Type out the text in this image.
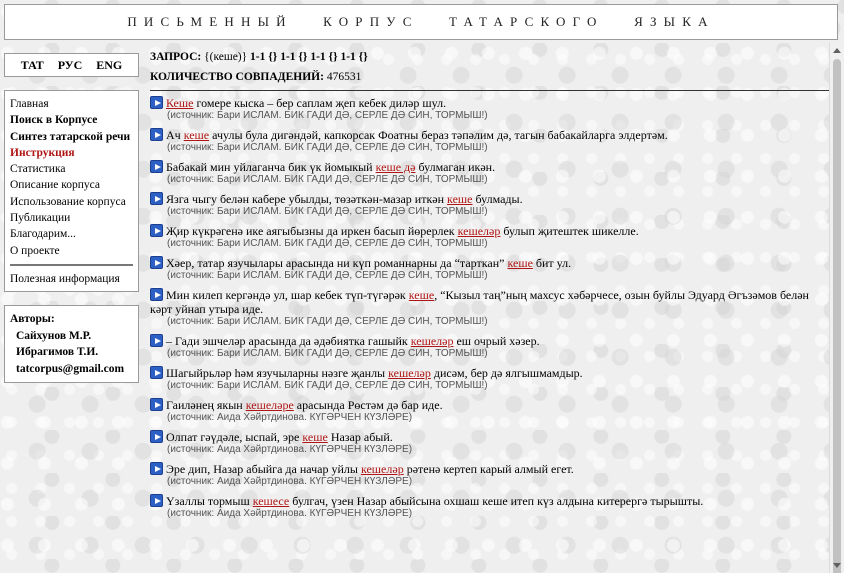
ПИСЬМЕННЫЙ КОРПУС ТАТАРСКОГО ЯЗЫКА
ТАТ РУС ENG
Главная
Поиск в Корпусе
Синтез татарской речи
Инструкция
Статистика
Описание корпуса
Использование корпуса
Публикации
Благодарим...
О проекте
Полезная информация
Авторы:
Сайхунов М.Р.
Ибрагимов Т.И.
tatcorpus@gmail.com
ЗАПРОС: {(кеше)} 1-1 {} 1-1 {} 1-1 {} 1-1 {}
КОЛИЧЕСТВО СОВПАДЕНИЙ: 476531
Кеше гомере кыска – бер саплам җеп кебек диләр шул.
(источник: Бари ИСЛАМ. БИК ГАДИ ДӘ, СЕРЛЕ ДӘ СИН, ТОРМЫШ!)
Ач кеше ачулы була дигәндәй, капкорсак Фоатны бераз тәпәлим дә, тагын бабакайларга элдертәм.
(источник: Бари ИСЛАМ. БИК ГАДИ ДӘ, СЕРЛЕ ДӘ СИН, ТОРМЫШ!)
Бабакай мин уйлаганча бик үк йомыкый кеше дә булмаган икән.
(источник: Бари ИСЛАМ. БИК ГАДИ ДӘ, СЕРЛЕ ДӘ СИН, ТОРМЫШ!)
Язга чыгу белән кабере убылды, төзәткән-мазар иткән кеше булмады.
(источник: Бари ИСЛАМ. БИК ГАДИ ДӘ, СЕРЛЕ ДӘ СИН, ТОРМЫШ!)
Җир күкрәгенә ике аягыбызны да иркен басып йөрерлек кешеләр булып җитештек шикелле.
(источник: Бари ИСЛАМ. БИК ГАДИ ДӘ, СЕРЛЕ ДӘ СИН, ТОРМЫШ!)
Хәер, татар язучылары арасында ни күп романнарны да “тарткан” кеше бит ул.
(источник: Бари ИСЛАМ. БИК ГАДИ ДӘ, СЕРЛЕ ДӘ СИН, ТОРМЫШ!)
Мин килеп кергәндә ул, шар кебек түп-түгәрәк кеше, “Кызыл таң”ның махсус хәбәрчесе, озын буйлы Эдуард Әгъзәмов белән кәрт уйнап утыра иде.
(источник: Бари ИСЛАМ. БИК ГАДИ ДӘ, СЕРЛЕ ДӘ СИН, ТОРМЫШ!)
– Гади эшчеләр арасында да әдәбиятка гашыйк кешеләр еш очрый хәзер.
(источник: Бари ИСЛАМ. БИК ГАДИ ДӘ, СЕРЛЕ ДӘ СИН, ТОРМЫШ!)
Шагыйрьләр һәм язучыларны нәзге җанлы кешеләр дисәм, бер дә ялгышмамдыр.
(источник: Бари ИСЛАМ. БИК ГАДИ ДӘ, СЕРЛЕ ДӘ СИН, ТОРМЫШ!)
Гаиләнең якын кешеләре арасында Рөстәм дә бар иде.
(источник: Аида Хәйртдинова. КҮГӘРЧЕН КҮЗЛӘРЕ)
Олпат гәүдәле, ыспай, эре кеше Назар абый.
(источник: Аида Хәйртдинова. КҮГӘРЧЕН КҮЗЛӘРЕ)
Эре дип, Назар абыйга да начар уйлы кешеләр рәтенә кертеп карый алмый егет.
(источник: Аида Хәйртдинова. КҮГӘРЧЕН КҮЗЛӘРЕ)
Үзаллы тормыш кешесе булгач, үзен Назар абыйсына охшаш кеше итеп күз алдына китерергә тырышты.
(источник: Аида Хәйртдинова. КҮГӘРЧЕН КҮЗЛӘРЕ)
